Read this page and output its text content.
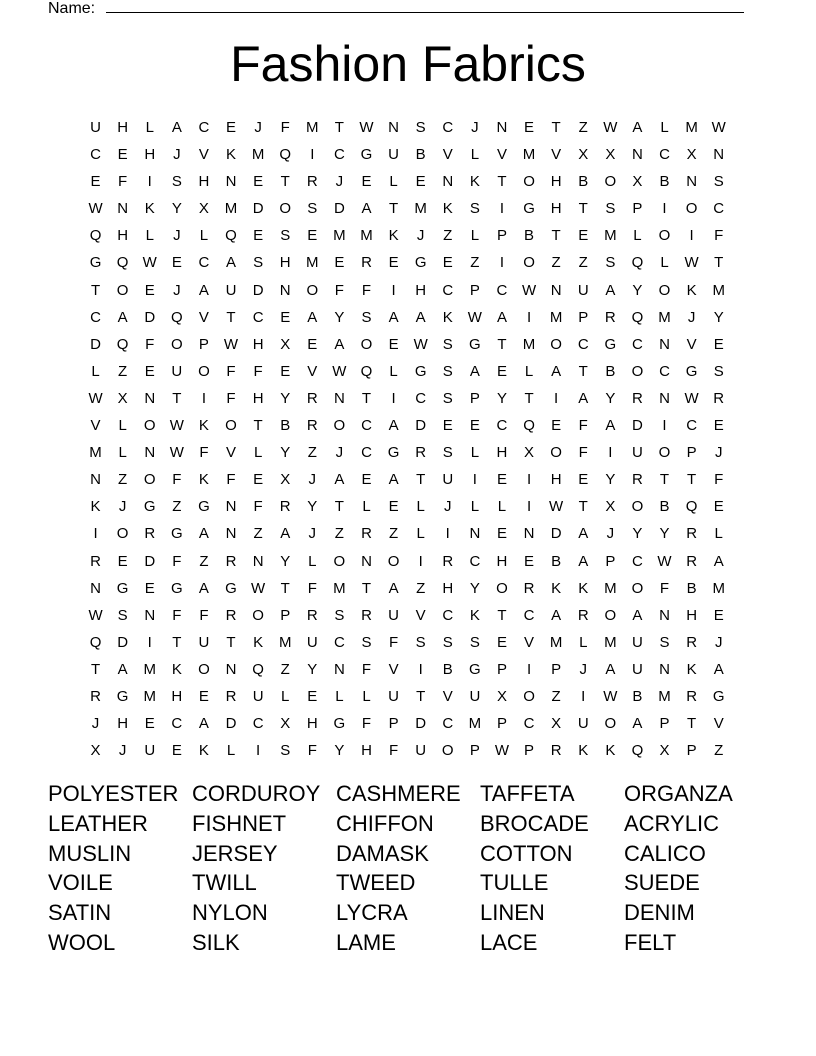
Name:
Fashion Fabrics
U	H	L	A	C	E	J	F	M	T	W N	S	C	J	N	E	T	Z	W	A	L	M W
C	E	H	J	V	K	M	Q	I	C	G	U	B	V	L	V	M	V	X	X	N	C	X	N
E	F	I	S	H	N	E	T	R	J	E	L	E	N	K	T	O	H	B	O	X	B	N	S
W N	K	Y	X	M	D	O	S	D	A	T	M	K	S	I	G	H	T	S	P	I	O	C
Q	H	L	J	L	Q	E	S	E	M M	K	J	Z	L	P	B	T	E	M	L	O	I	F
G	Q W	E	C	A	S	H	M	E	R	E	G	E	Z	I	O	Z	Z	S	Q	L	W	T
T	O	E	J	A	U	D	N	O	F	F	I	H	C	P	C W N	U	A	Y	O	K	M
C	A	D	Q	V	T	C	E	A	Y	S	A	A	K	W	A	I	M	P	R	Q	M	J	Y
D	Q	F	O	P	W H	X	E	A	O	E	W	S	G	T	M	O	C	G	C	N	V	E
L	Z	E	U	O	F	F	E	V	W Q	L	G	S	A	E	L	A	T	B	O	C	G	S
W	X	N	T	I	F	H	Y	R	N	T	I	C	S	P	Y	T	I	A	Y	R	N W R
V	L	O W	K	O	T	B	R	O	C	A	D	E	E	C	Q	E	F	A	D	I	C	E
M	L	N W	F	V	L	Y	Z	J	C	G	R	S	L	H	X	O	F	I	U	O	P	J
N	Z	O	F	K	F	E	X	J	A	E	A	T	U	I	E	I	H	E	Y	R	T	T	F
K	J	G	Z	G	N	F	R	Y	T	L	E	L	J	L	L	I	W	T	X	O	B	Q	E
I	O	R	G	A	N	Z	A	J	Z	R	Z	L	I	N	E	N	D	A	J	Y	Y	R	L
R	E	D	F	Z	R	N	Y	L	O	N	O	I	R	C	H	E	B	A	P	C W R	A
N	G	E	G	A	G W	T	F	M	T	A	Z	H	Y	O	R	K	K	M	O	F	B	M
W	S	N	F	F	R	O	P	R	S	R	U	V	C	K	T	C	A	R	O	A	N	H	E
Q	D	I	T	U	T	K	M	U	C	S	F	S	S	S	E	V	M	L	M	U	S	R	J
T	A	M	K	O	N	Q	Z	Y	N	F	V	I	B	G	P	I	P	J	A	U	N	K	A
R	G	M	H	E	R	U	L	E	L	L	U	T	V	U	X	O	Z	I	W	B	M	R	G
J	H	E	C	A	D	C	X	H	G	F	P	D	C	M	P	C	X	U	O	A	P	T	V
X	J	U	E	K	L	I	S	F	Y	H	F	U	O	P	W	P	R	K	K	Q	X	P	Z
POLYESTER CORDUROY CASHMERE TAFFETA	ORGANZA
LEATHER	FISHNET	CHIFFON	BROCADE	ACRYLIC
MUSLIN	JERSEY	DAMASK	COTTON	CALICO
VOILE	TWILL	TWEED	TULLE	SUEDE
SATIN	NYLON	LYCRA	LINEN	DENIM
WOOL	SILK	LAME	LACE	FELT
